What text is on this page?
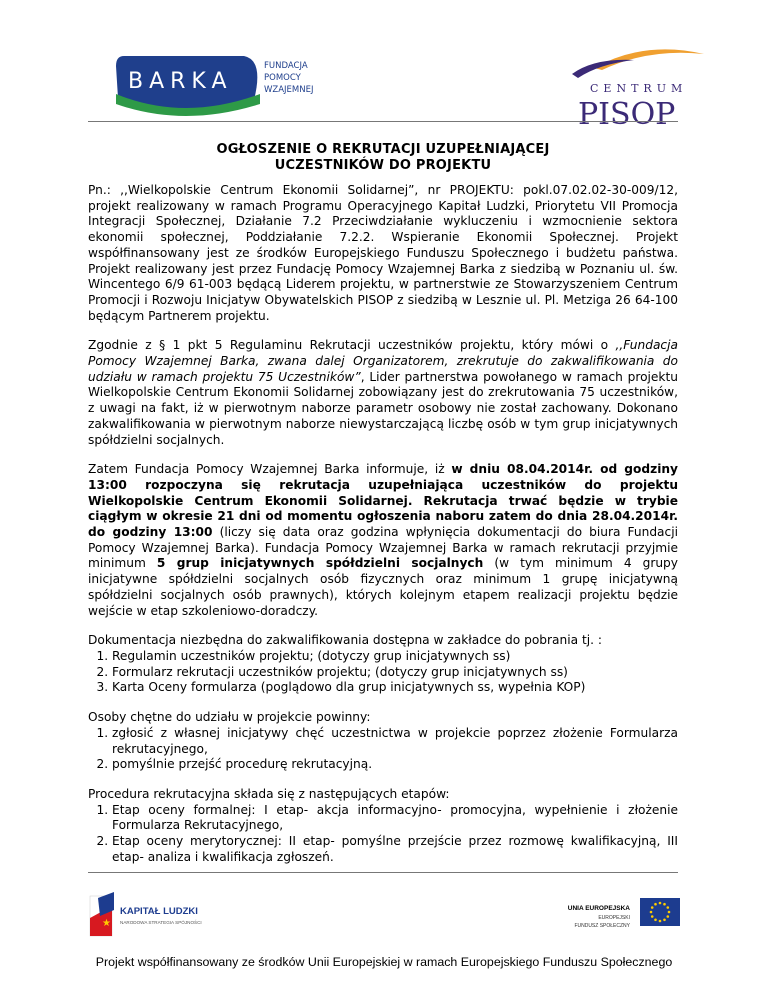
BARKA
FUNDACJA
POMOCY
WZAJEMNEJ	CENTRUM
PISOP
OGŁOSZENIE O REKRUTACJI UZUPEŁNIAJĄCEJ
UCZESTNIKÓW DO PROJEKTU

Pn.: ,,Wielkopolskie Centrum Ekonomii Solidarnej”, nr PROJEKTU: pokl.07.02.02-30-009/12, projekt realizowany w ramach Programu Operacyjnego Kapitał Ludzki, Priorytetu VII Promocja Integracji Społecznej, Działanie 7.2 Przeciwdziałanie wykluczeniu i wzmocnienie sektora ekonomii społecznej, Poddziałanie 7.2.2. Wspieranie Ekonomii Społecznej. Projekt współfinansowany jest ze środków Europejskiego Funduszu Społecznego i budżetu państwa. Projekt realizowany jest przez Fundację Pomocy Wzajemnej Barka z siedzibą w Poznaniu ul. św. Wincentego 6/9 61-003 będącą Liderem projektu, w partnerstwie ze Stowarzyszeniem Centrum Promocji i Rozwoju Inicjatyw Obywatelskich PISOP z siedzibą w Lesznie ul. Pl. Metziga 26 64-100 będącym Partnerem projektu.

Zgodnie z § 1 pkt 5 Regulaminu Rekrutacji uczestników projektu, który mówi o ,,Fundacja Pomocy Wzajemnej Barka, zwana dalej Organizatorem, zrekrutuje do zakwalifikowania do udziału w ramach projektu 75 Uczestników”, Lider partnerstwa powołanego w ramach projektu Wielkopolskie Centrum Ekonomii Solidarnej zobowiązany jest do zrekrutowania 75 uczestników, z uwagi na fakt, iż w pierwotnym naborze parametr osobowy nie został zachowany. Dokonano zakwalifikowania w pierwotnym naborze niewystarczającą liczbę osób w tym grup inicjatywnych spółdzielni socjalnych.

Zatem Fundacja Pomocy Wzajemnej Barka informuje, iż w dniu 08.04.2014r. od godziny 13:00 rozpoczyna się rekrutacja uzupełniająca uczestników do projektu Wielkopolskie Centrum Ekonomii Solidarnej. Rekrutacja trwać będzie w trybie ciągłym w okresie 21 dni od momentu ogłoszenia naboru zatem do dnia 28.04.2014r. do godziny 13:00 (liczy się data oraz godzina wpłynięcia dokumentacji do biura Fundacji Pomocy Wzajemnej Barka). Fundacja Pomocy Wzajemnej Barka w ramach rekrutacji przyjmie minimum 5 grup inicjatywnych spółdzielni socjalnych (w tym minimum 4 grupy inicjatywne spółdzielni socjalnych osób fizycznych oraz minimum 1 grupę inicjatywną spółdzielni socjalnych osób prawnych), których kolejnym etapem realizacji projektu będzie wejście w etap szkoleniowo-doradczy.

Dokumentacja niezbędna do zakwalifikowania dostępna w zakładce do pobrania tj. :
1. Regulamin uczestników projektu; (dotyczy grup inicjatywnych ss)
2. Formularz rekrutacji uczestników projektu; (dotyczy grup inicjatywnych ss)
3. Karta Oceny formularza (poglądowo dla grup inicjatywnych ss, wypełnia KOP)
Osoby chętne do udziału w projekcie powinny:
1. zgłosić z własnej inicjatywy chęć uczestnictwa w projekcie poprzez złożenie Formularza rekrutacyjnego,
2. pomyślnie przejść procedurę rekrutacyjną.
Procedura rekrutacyjna składa się z następujących etapów:
1. Etap oceny formalnej: I etap- akcja informacyjno- promocyjna, wypełnienie i złożenie Formularza Rekrutacyjnego,
2. Etap oceny merytorycznej: II etap- pomyślne przejście przez rozmowę kwalifikacyjną, III etap- analiza i kwalifikacja zgłoszeń.
★
KAPITAŁ LUDZKI
NARODOWA STRATEGIA SPÓJNOŚCI
UNIA EUROPEJSKA
EUROPEJSKI
FUNDUSZ SPOŁECZNY
Projekt współfinansowany ze środków Unii Europejskiej w ramach Europejskiego Funduszu Społecznego
